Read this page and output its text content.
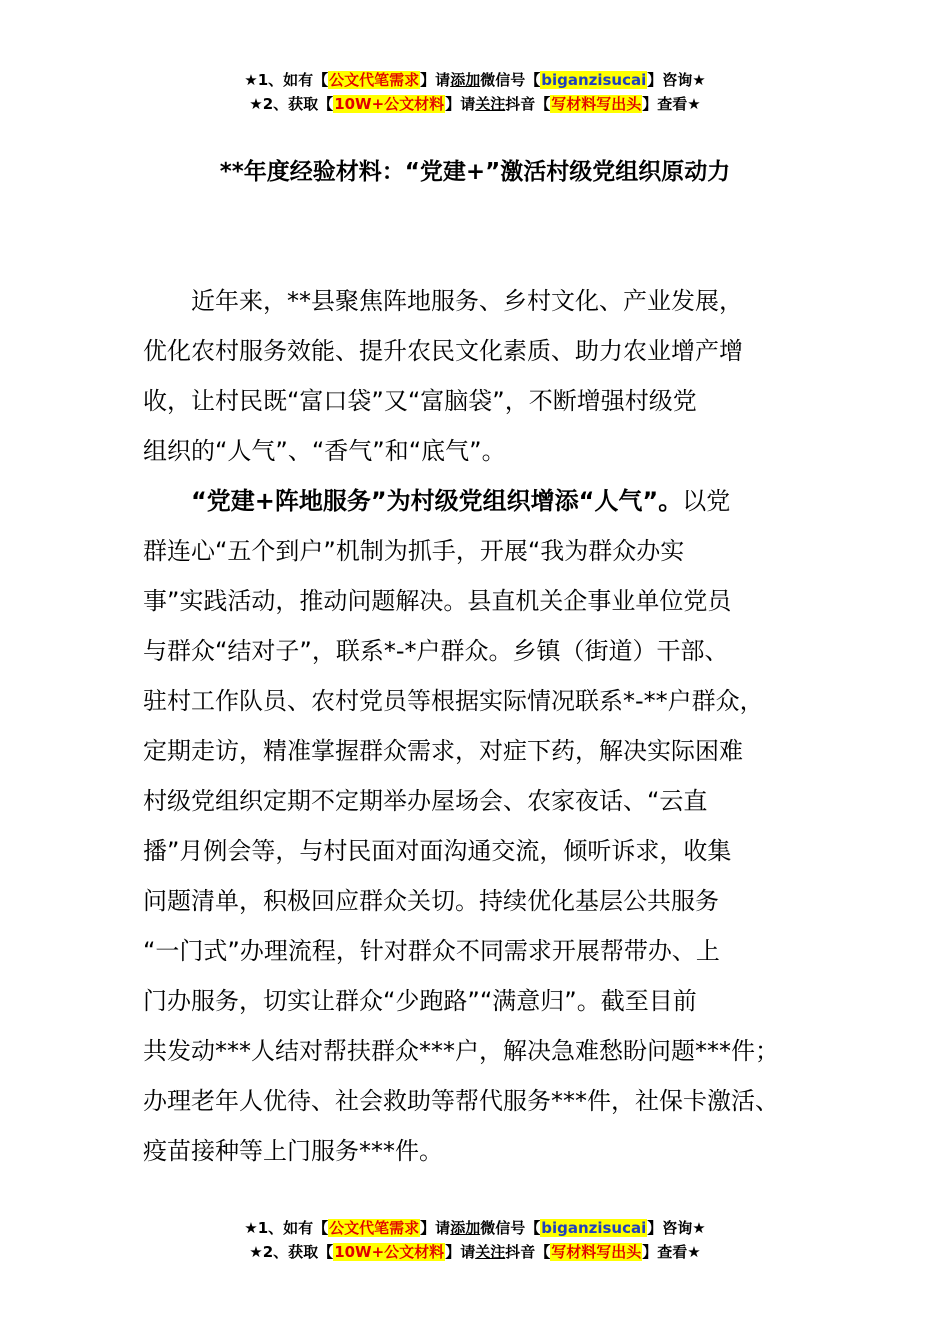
★1、如有【公文代笔需求】请添加微信号【biganzisucai】咨询★
★2、获取【10W+公文材料】请关注抖音【写材料写出头】查看★
**年度经验材料：“党建+”激活村级党组织原动力
　　近年来，**县聚焦阵地服务、乡村文化、产业发展，
优化农村服务效能、提升农民文化素质、助力农业增产增
收，让村民既“富口袋”又“富脑袋”，不断增强村级党
组织的“人气”、“香气”和“底气”。
　　“党建+阵地服务”为村级党组织增添“人气”。以党
群连心“五个到户”机制为抓手，开展“我为群众办实
事”实践活动，推动问题解决。县直机关企事业单位党员
与群众“结对子”，联系*-*户群众。乡镇（街道）干部、
驻村工作队员、农村党员等根据实际情况联系*-**户群众，
定期走访，精准掌握群众需求，对症下药，解决实际困难
村级党组织定期不定期举办屋场会、农家夜话、“云直
播”月例会等，与村民面对面沟通交流，倾听诉求，收集
问题清单，积极回应群众关切。持续优化基层公共服务
“一门式”办理流程，针对群众不同需求开展帮带办、上
门办服务，切实让群众“少跑路”“满意归”。截至目前
共发动***人结对帮扶群众***户，解决急难愁盼问题***件；
办理老年人优待、社会救助等帮代服务***件，社保卡激活、
疫苗接种等上门服务***件。
★1、如有【公文代笔需求】请添加微信号【biganzisucai】咨询★
★2、获取【10W+公文材料】请关注抖音【写材料写出头】查看★
